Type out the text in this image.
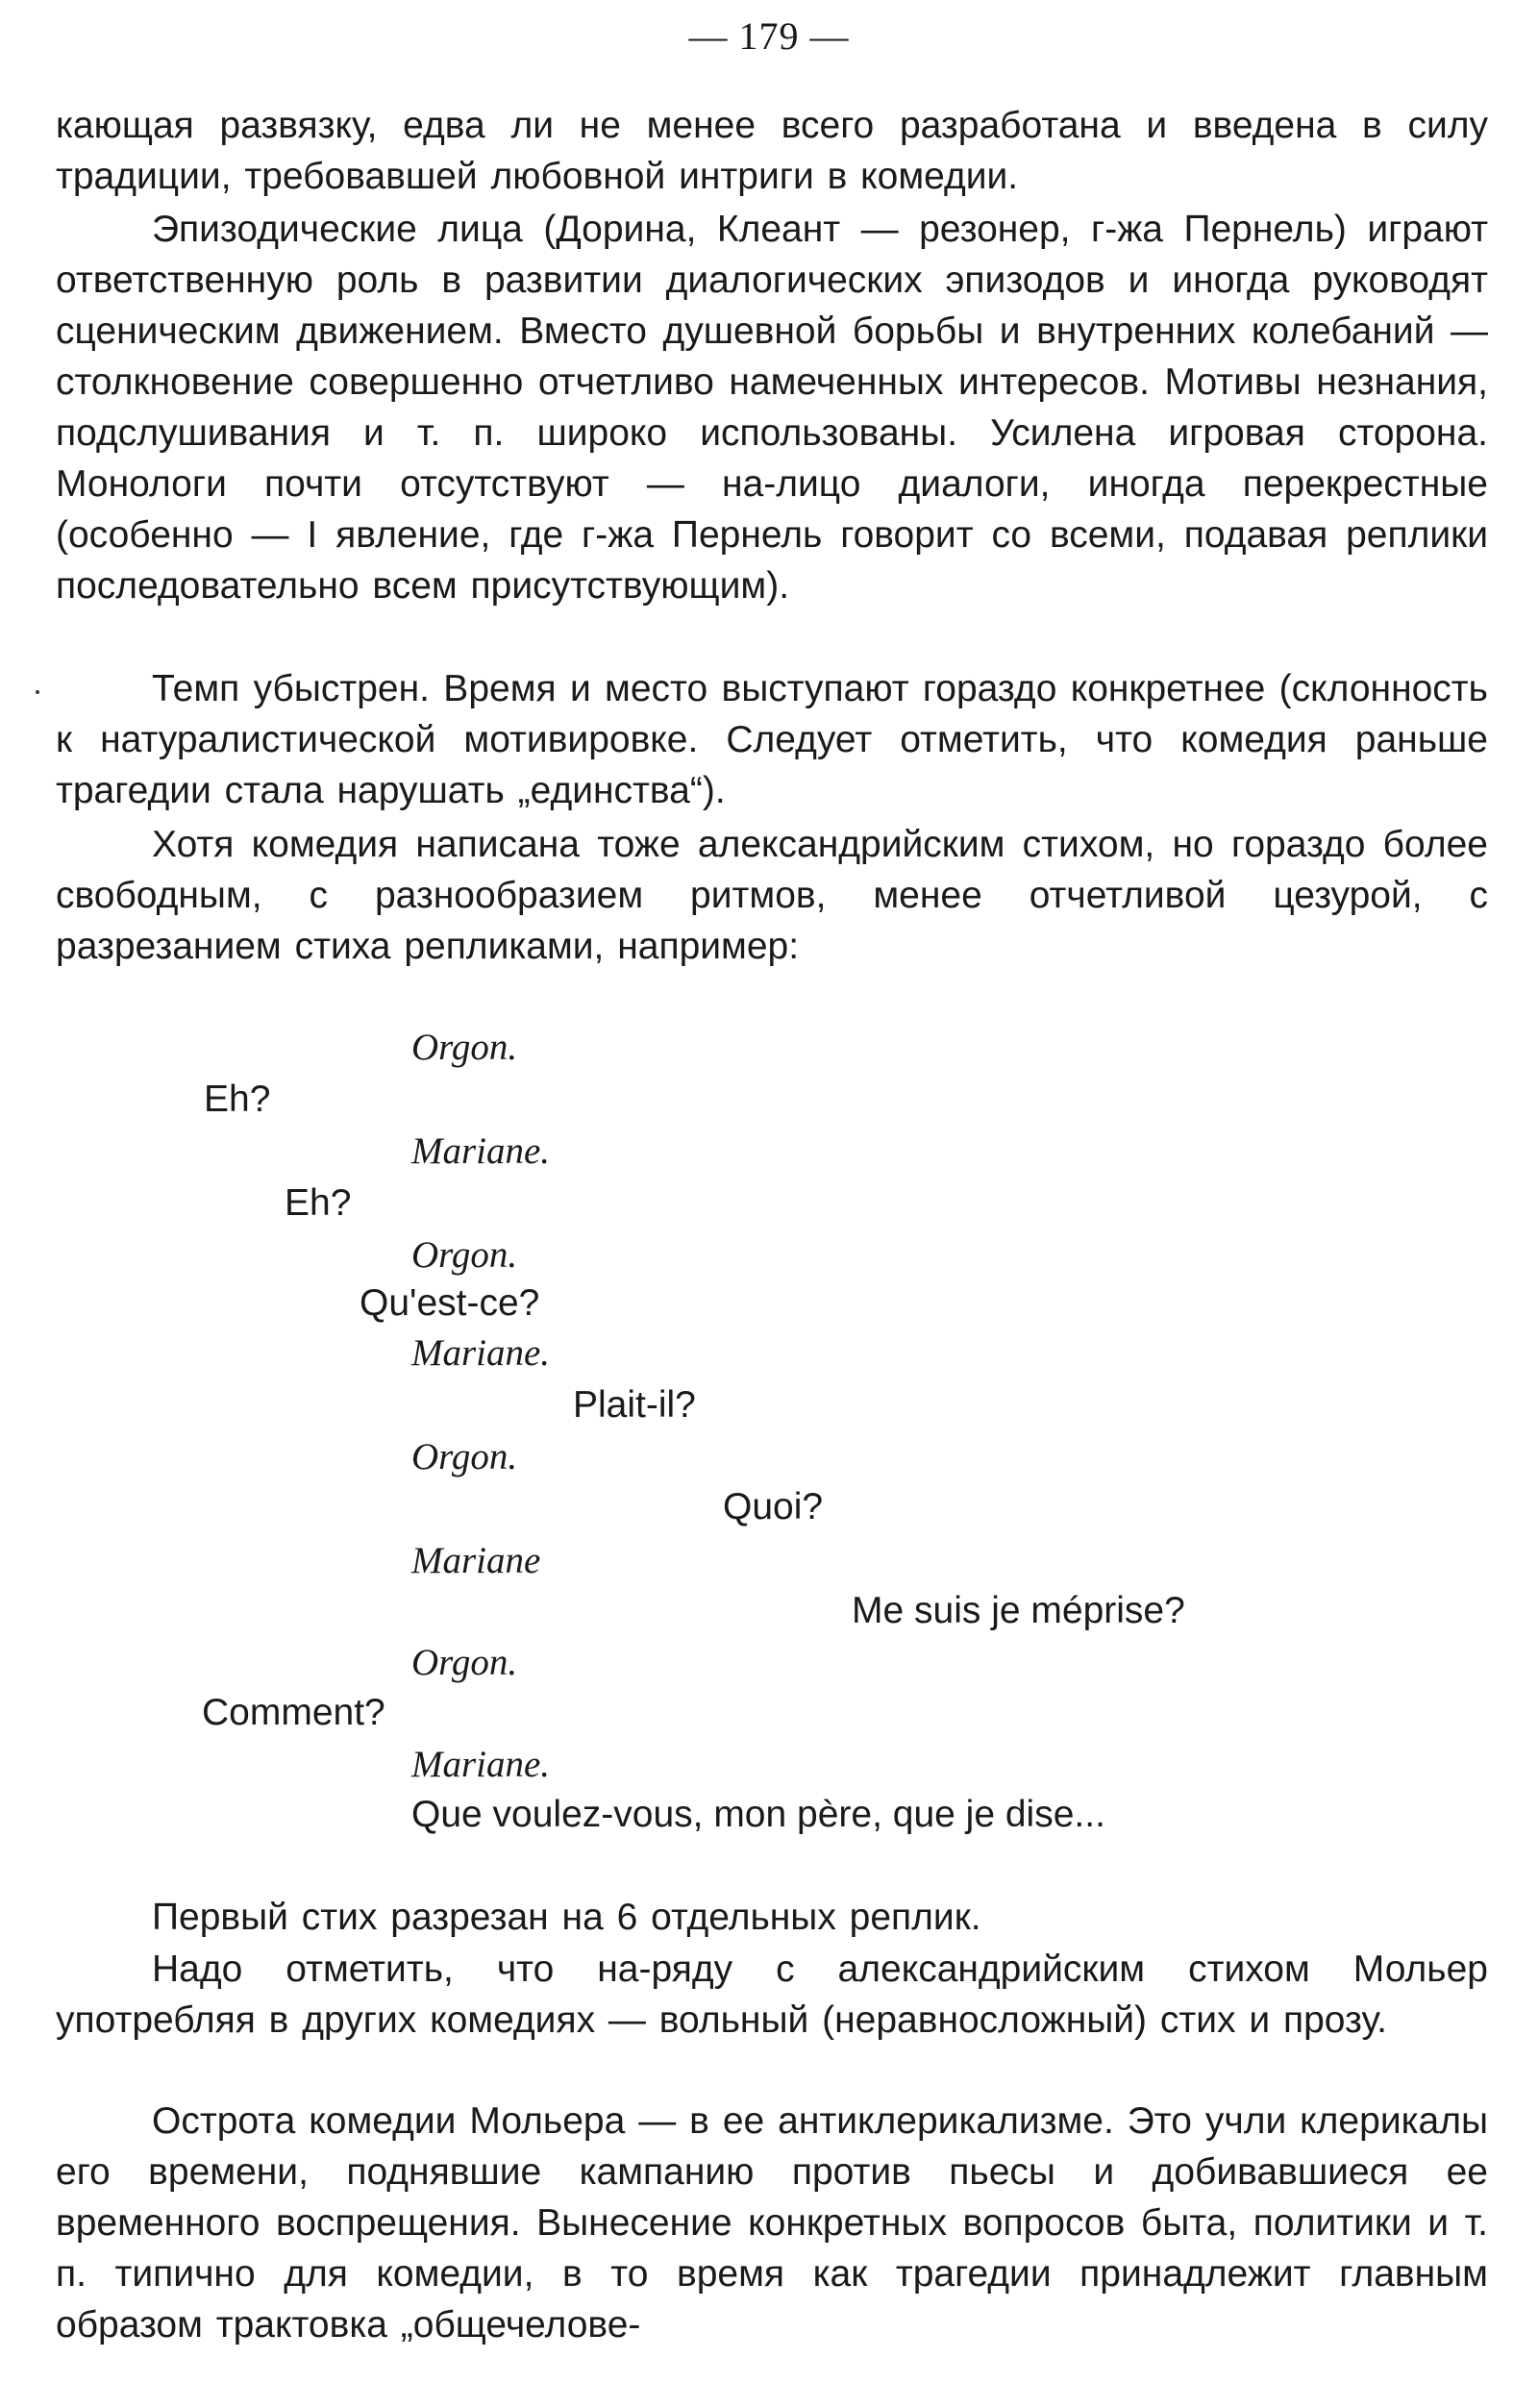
— 179 —

кающая развязку, едва ли не менее всего разработана и введена в силу традиции, требовавшей любовной интриги в комедии.

Эпизодические лица (Дорина, Клеант — резонер, г-жа Пернель) играют ответственную роль в развитии диалогических эпизодов и иногда руководят сценическим движением. Вместо душевной борьбы и внутренних колебаний — столкновение совершенно отчетливо намеченных интересов. Мотивы незнания, подслушивания и т. п. широко использованы. Усилена игровая сторона. Монологи почти отсутствуют — на-лицо диалоги, иногда перекрестные (особенно — I явление, где г-жа Пернель говорит со всеми, подавая реплики последовательно всем присутствующим).

Темп убыстрен. Время и место выступают гораздо конкретнее (склонность к натуралистической мотивировке. Следует отметить, что комедия раньше трагедии стала нарушать „единства“).

Хотя комедия написана тоже александрийским стихом, но гораздо более свободным, с разнообразием ритмов, менее отчетливой цезурой, с разрезанием стиха репликами, например:

Orgon.
Eh?
Mariane.
Eh?
Orgon.
Qu'est-ce?
Mariane.
Plait-il?
Orgon.
Quoi?
Mariane
Me suis je méprise?
Orgon.
Comment?
Mariane.
Que voulez-vous, mon père, que je dise...

Первый стих разрезан на 6 отдельных реплик.

Надо отметить, что на-ряду с александрийским стихом Мольер употребляя в других комедиях — вольный (неравносложный) стих и прозу.

Острота комедии Мольера — в ее антиклерикализме. Это учли клерикалы его времени, поднявшие кампанию против пьесы и добивавшиеся ее временного воспрещения. Вынесение конкретных вопросов быта, политики и т. п. типично для комедии, в то время как трагедии принадлежит главным образом трактовка „общечелове-
